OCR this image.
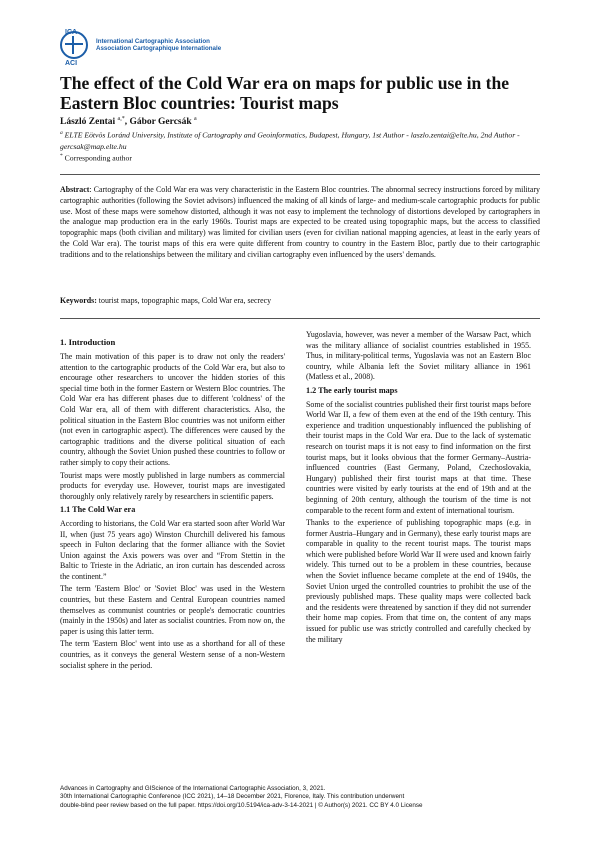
ICA
ACI
International Cartographic Association
Association Cartographique Internationale
The effect of the Cold War era on maps for public use in the Eastern Bloc countries: Tourist maps
László Zentai $^{a,*}$, Gábor Gercsák $^a$
$^a$ ELTE Eötvös Loránd University, Institute of Cartography and Geoinformatics, Budapest, Hungary, 1st Author - laszlo.zentai@elte.hu, 2nd Author - gercsak@map.elte.hu
* Corresponding author
Abstract: Cartography of the Cold War era was very characteristic in the Eastern Bloc countries. The abnormal secrecy instructions forced by military cartographic authorities (following the Soviet advisors) influenced the making of all kinds of large- and medium-scale cartographic products for public use. Most of these maps were somehow distorted, although it was not easy to implement the technology of distortions developed by cartographers in the analogue map production era in the early 1960s. Tourist maps are expected to be created using topographic maps, but the access to classified topographic maps (both civilian and military) was limited for civilian users (even for civilian national mapping agencies, at least in the early years of the Cold War era). The tourist maps of this era were quite different from country to country in the Eastern Bloc, partly due to their cartographic traditions and to the relationships between the military and civilian cartography even influenced by the users' demands.
Keywords: tourist maps, topographic maps, Cold War era, secrecy
1. Introduction

The main motivation of this paper is to draw not only the readers' attention to the cartographic products of the Cold War era, but also to encourage other researchers to uncover the hidden stories of this special time both in the former Eastern or Western Bloc countries. The Cold War era has different phases due to different 'coldness' of the Cold War era, all of them with different characteristics. Also, the political situation in the Eastern Bloc countries was not uniform either (not even in cartographic aspect). The differences were caused by the cartographic traditions and the diverse political situation of each country, although the Soviet Union pushed these countries to follow or rather simply to copy their actions.

Tourist maps were mostly published in large numbers as commercial products for everyday use. However, tourist maps are investigated thoroughly only relatively rarely by researchers in scientific papers.

1.1 The Cold War era

According to historians, the Cold War era started soon after World War II, when (just 75 years ago) Winston Churchill delivered his famous speech in Fulton declaring that the former alliance with the Soviet Union against the Axis powers was over and “From Stettin in the Baltic to Trieste in the Adriatic, an iron curtain has descended across the continent.”

The term 'Eastern Bloc' or 'Soviet Bloc' was used in the Western countries, but these Eastern and Central European countries named themselves as communist countries or people's democratic countries (mainly in the 1950s) and later as socialist countries. From now on, the paper is using this latter term.

The term 'Eastern Bloc' went into use as a shorthand for all of these countries, as it conveys the general Western sense of a non-Western socialist sphere in the period.

Yugoslavia, however, was never a member of the Warsaw Pact, which was the military alliance of socialist countries established in 1955. Thus, in military-political terms, Yugoslavia was not an Eastern Bloc country, while Albania left the Soviet military alliance in 1961 (Matless et al., 2008).

1.2 The early tourist maps

Some of the socialist countries published their first tourist maps before World War II, a few of them even at the end of the 19th century. This experience and tradition unquestionably influenced the publishing of their tourist maps in the Cold War era. Due to the lack of systematic research on tourist maps it is not easy to find information on the first tourist maps, but it looks obvious that the former Germany–Austria-influenced countries (East Germany, Poland, Czechoslovakia, Hungary) published their first tourist maps at that time. These countries were visited by early tourists at the end of 19th and at the beginning of 20th century, although the tourism of the time is not comparable to the recent form and extent of international tourism.

Thanks to the experience of publishing topographic maps (e.g. in former Austria–Hungary and in Germany), these early tourist maps are comparable in quality to the recent tourist maps. The tourist maps which were published before World War II were used and known fairly widely. This turned out to be a problem in these countries, because when the Soviet influence became complete at the end of 1940s, the Soviet Union urged the controlled countries to prohibit the use of the previously published maps. These quality maps were collected back and the residents were threatened by sanction if they did not surrender their home map copies. From that time on, the content of any maps issued for public use was strictly controlled and carefully checked by the military

Advances in Cartography and GIScience of the International Cartographic Association, 3, 2021.
30th International Cartographic Conference (ICC 2021), 14–18 December 2021, Florence, Italy. This contribution underwent
double-blind peer review based on the full paper. https://doi.org/10.5194/ica-adv-3-14-2021 | © Author(s) 2021. CC BY 4.0 License
